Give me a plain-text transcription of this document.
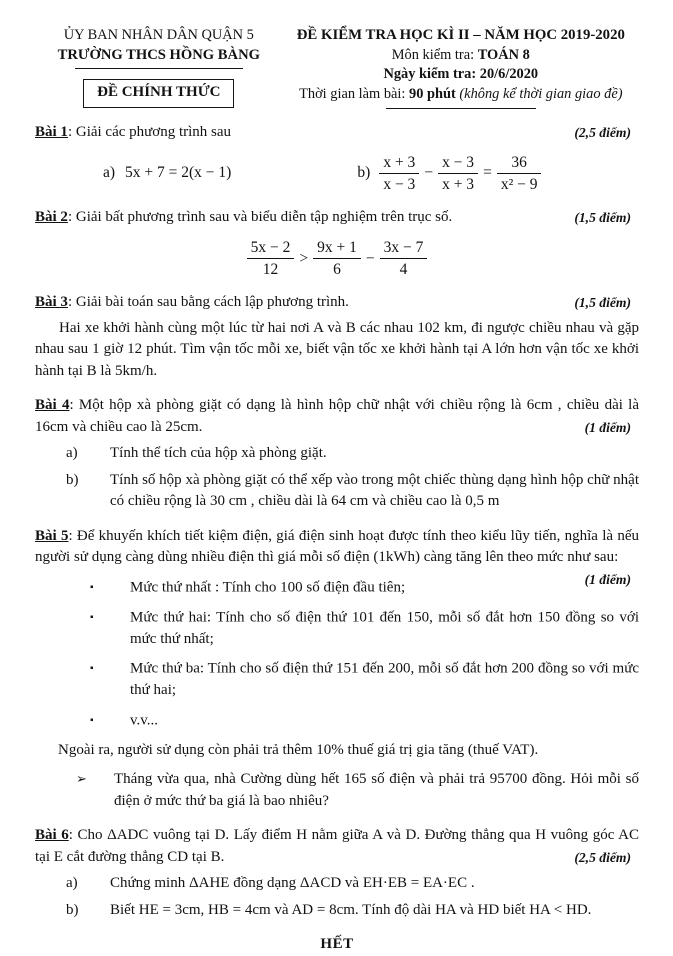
ỦY BAN NHÂN DÂN QUẬN 5
TRƯỜNG THCS HỒNG BÀNG
ĐỀ CHÍNH THỨC
ĐỀ KIỂM TRA HỌC KÌ II – NĂM HỌC 2019-2020
Môn kiểm tra: TOÁN 8
Ngày kiểm tra: 20/6/2020
Thời gian làm bài: 90 phút (không kể thời gian giao đề)

Bài 1: Giải các phương trình sau	(2,5 điểm)

a) 5x + 7 = 2(x − 1)	$b) \frac{x + 3}{x - 3} - \frac{x - 3}{x + 3} = \frac{36}{\text{x² − 9}}$

Bài 2: Giải bất phương trình sau và biểu diễn tập nghiệm trên trục số.	(1,5 điểm)

$\frac{5x - 2}{12} > \frac{9x + 1}{6} - \frac{3x - 7}{4}$

Bài 3: Giải bài toán sau bằng cách lập phương trình.	(1,5 điểm)

Hai xe khởi hành cùng một lúc từ hai nơi A và B các nhau 102 km, đi ngược chiều nhau và gặp nhau sau 1 giờ 12 phút. Tìm vận tốc mỗi xe, biết vận tốc xe khởi hành tại A lớn hơn vận tốc xe khởi hành tại B là 5km/h.

Bài 4: Một hộp xà phòng giặt có dạng là hình hộp chữ nhật với chiều rộng là 6cm , chiều dài là 16cm và chiều cao là 25cm.	(1 điểm)

a) Tính thể tích của hộp xà phòng giặt.
b) Tính số hộp xà phòng giặt có thể xếp vào trong một chiếc thùng dạng hình hộp chữ nhật có chiều rộng là 30 cm , chiều dài là 64 cm và chiều cao là 0,5 m

Bài 5: Để khuyến khích tiết kiệm điện, giá điện sinh hoạt được tính theo kiểu lũy tiến, nghĩa là nếu người sử dụng càng dùng nhiều điện thì giá mỗi số điện (1kWh) càng tăng lên theo mức như sau:
(1 điểm)

▪ Mức thứ nhất : Tính cho 100 số điện đầu tiên;
▪ Mức thứ hai: Tính cho số điện thứ 101 đến 150, mỗi số đắt hơn 150 đồng so với mức thứ nhất;
▪ Mức thứ ba: Tính cho số điện thứ 151 đến 200, mỗi số đắt hơn 200 đồng so với mức thứ hai;
▪ v.v...

Ngoài ra, người sử dụng còn phải trả thêm 10% thuế giá trị gia tăng (thuế VAT).

➢ Tháng vừa qua, nhà Cường dùng hết 165 số điện và phải trả 95700 đồng. Hỏi mỗi số điện ở mức thứ ba giá là bao nhiêu?

Bài 6: Cho ΔADC vuông tại D. Lấy điểm H nằm giữa A và D. Đường thẳng qua H vuông góc AC tại E cắt đường thẳng CD tại B.	(2,5 điểm)

a) Chứng minh ΔAHE đồng dạng ΔACD và EH·EB = EA·EC .
b) Biết HE = 3cm, HB = 4cm và AD = 8cm. Tính độ dài HA và HD biết HA < HD.
HẾT
